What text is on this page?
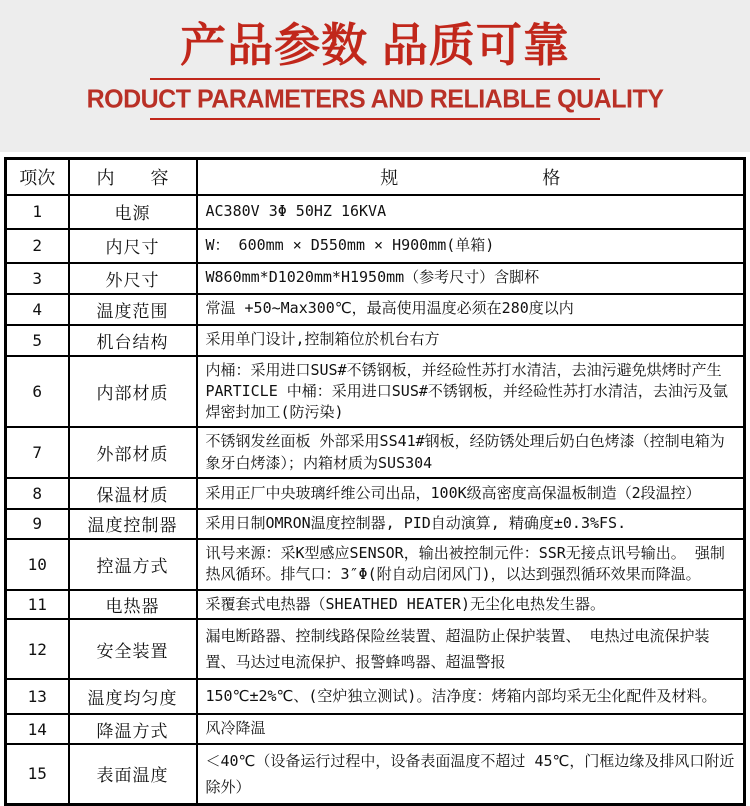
产品参数 品质可靠
RODUCT PARAMETERS AND RELIABLE QUALITY
项次	内　　容	规　　　　　　　　格
1	电源	AC380V 3Φ 50HZ 16KVA
2	内尺寸	W： 600mm × D550mm × H900mm(单箱)
3	外尺寸	W860mm*D1020mm*H1950mm（参考尺寸）含脚杯
4	温度范围	常温 +50~Max300℃，最高使用温度必须在280度以内
5	机台结构	采用单门设计,控制箱位於机台右方
6	内部材质	内桶：采用进口SUS#不锈钢板，并经硷性苏打水清洁，去油污避免烘烤时产生 PARTICLE 中桶：采用进口SUS#不锈钢板，并经硷性苏打水清洁，去油污及氩焊密封加工(防污染)
7	外部材质	不锈钢发丝面板 外部采用SS41#钢板，经防锈处理后奶白色烤漆（控制电箱为象牙白烤漆）；内箱材质为SUS304
8	保温材质	采用正厂中央玻璃纤维公司出品，100K级高密度高保温板制造（2段温控）
9	温度控制器	采用日制OMRON温度控制器, PID自动演算, 精确度±0.3%FS.
10	控温方式	讯号来源：采K型感应SENSOR，输出被控制元件：SSR无接点讯号输出。 强制热风循环。排气口：3″Φ(附自动启闭风门)，以达到强烈循环效果而降温。
11	电热器	采覆套式电热器（SHEATHED HEATER)无尘化电热发生器。
12	安全装置	漏电断路器、控制线路保险丝装置、超温防止保护装置、 电热过电流保护装置、马达过电流保护、报警蜂鸣器、超温警报
13	温度均匀度	150℃±2%℃、(空炉独立测试)。洁净度：烤箱内部均采无尘化配件及材料。
14	降温方式	风冷降温
15	表面温度	＜40℃（设备运行过程中，设备表面温度不超过 45℃，门框边缘及排风口附近除外）
